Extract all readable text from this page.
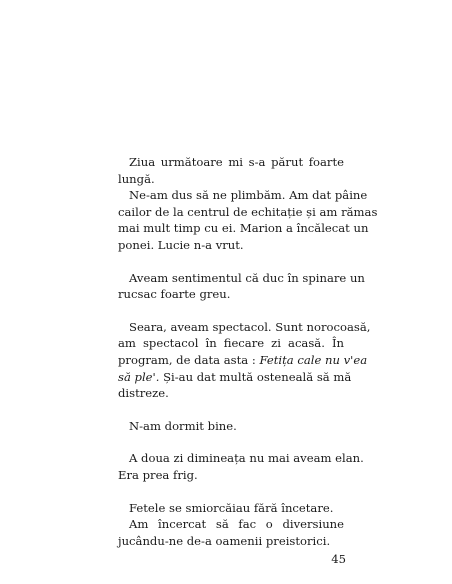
Ziua următoare mi s-a părut foarte
lungă.

Ne-am dus să ne plimbăm. Am dat pâine
cailor de la centrul de echitație și am rămas
mai mult timp cu ei. Marion a încălecat un
ponei. Lucie n-a vrut.

Aveam sentimentul că duc în spinare un
rucsac foarte greu.

Seara, aveam spectacol. Sunt norocoasă,
am spectacol în fiecare zi acasă. În
program, de data asta : Fetița cale nu v'ea
să ple'. Și-au dat multă osteneală să mă
distreze.

N-am dormit bine.

A doua zi dimineața nu mai aveam elan.
Era prea frig.

Fetele se smiorcăiau fără încetare.
Am încercat să fac o diversiune
jucându-ne de-a oamenii preistorici.

45
